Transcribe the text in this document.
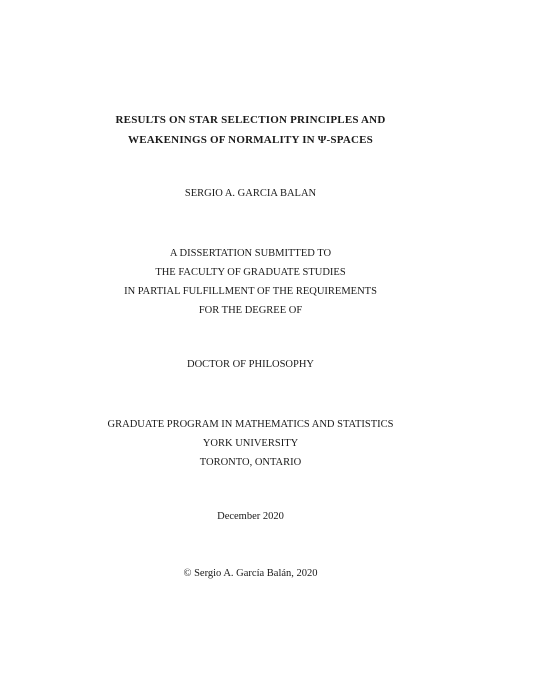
RESULTS ON STAR SELECTION PRINCIPLES AND
WEAKENINGS OF NORMALITY IN Ψ-SPACES
SERGIO A. GARCIA BALAN
A DISSERTATION SUBMITTED TO
THE FACULTY OF GRADUATE STUDIES
IN PARTIAL FULFILLMENT OF THE REQUIREMENTS
FOR THE DEGREE OF
DOCTOR OF PHILOSOPHY
GRADUATE PROGRAM IN MATHEMATICS AND STATISTICS
YORK UNIVERSITY
TORONTO, ONTARIO
December 2020
© Sergio A. García Balán, 2020
